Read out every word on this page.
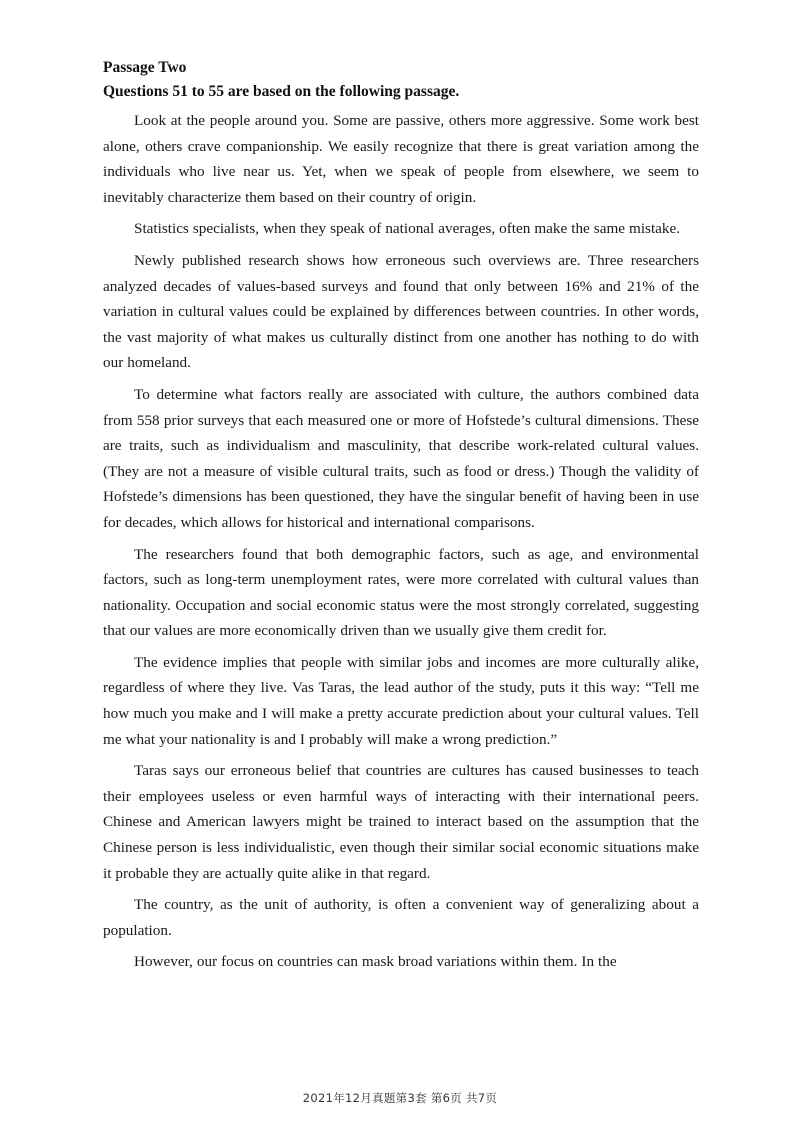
Passage Two

Questions 51 to 55 are based on the following passage.

Look at the people around you. Some are passive, others more aggressive. Some work best alone, others crave companionship. We easily recognize that there is great variation among the individuals who live near us. Yet, when we speak of people from elsewhere, we seem to inevitably characterize them based on their country of origin.

Statistics specialists, when they speak of national averages, often make the same mistake.

Newly published research shows how erroneous such overviews are. Three researchers analyzed decades of values-based surveys and found that only between 16% and 21% of the variation in cultural values could be explained by differences between countries. In other words, the vast majority of what makes us culturally distinct from one another has nothing to do with our homeland.

To determine what factors really are associated with culture, the authors combined data from 558 prior surveys that each measured one or more of Hofstede’s cultural dimensions. These are traits, such as individualism and masculinity, that describe work-related cultural values. (They are not a measure of visible cultural traits, such as food or dress.) Though the validity of Hofstede’s dimensions has been questioned, they have the singular benefit of having been in use for decades, which allows for historical and international comparisons.

The researchers found that both demographic factors, such as age, and environmental factors, such as long-term unemployment rates, were more correlated with cultural values than nationality. Occupation and social economic status were the most strongly correlated, suggesting that our values are more economically driven than we usually give them credit for.

The evidence implies that people with similar jobs and incomes are more culturally alike, regardless of where they live. Vas Taras, the lead author of the study, puts it this way: “Tell me how much you make and I will make a pretty accurate prediction about your cultural values. Tell me what your nationality is and I probably will make a wrong prediction.”

Taras says our erroneous belief that countries are cultures has caused businesses to teach their employees useless or even harmful ways of interacting with their international peers. Chinese and American lawyers might be trained to interact based on the assumption that the Chinese person is less individualistic, even though their similar social economic situations make it probable they are actually quite alike in that regard.

The country, as the unit of authority, is often a convenient way of generalizing about a population.

However, our focus on countries can mask broad variations within them. In the

2021年12月真题第3套 第6页 共7页
